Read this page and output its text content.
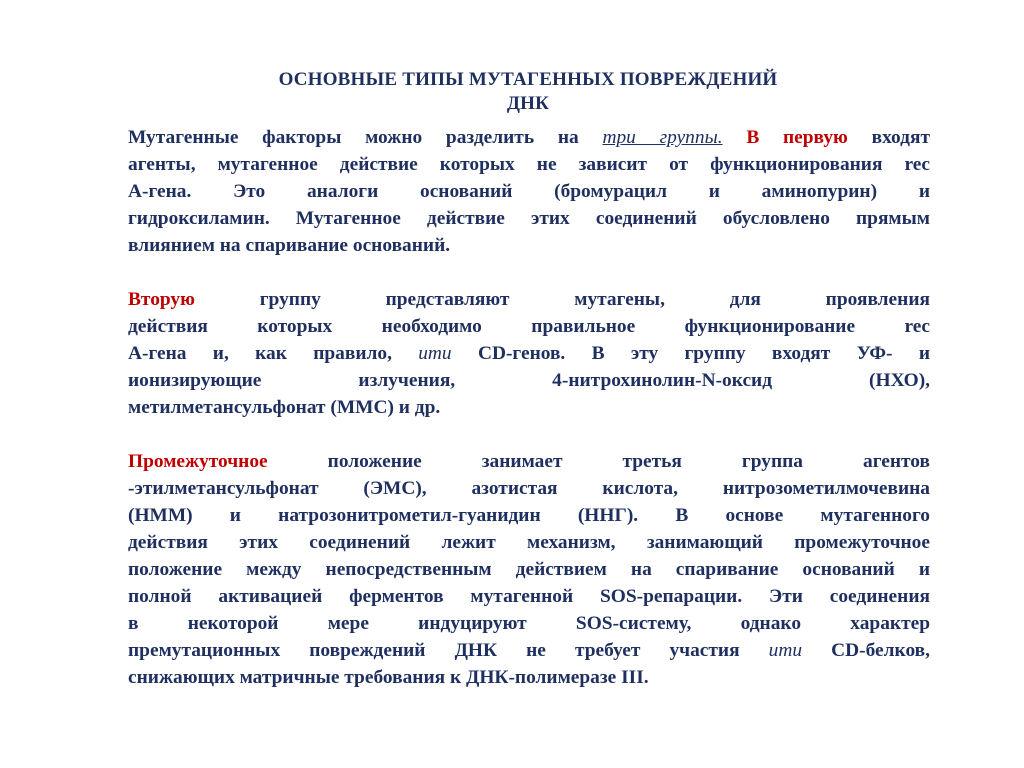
ОСНОВНЫЕ ТИПЫ МУТАГЕННЫХ ПОВРЕЖДЕНИЙ
ДНК
Мутагенные факторы можно разделить на три группы. В первую входят
агенты, мутагенное действие которых не зависит от функционирования rec
A-гена. Это аналоги оснований (бромурацил и аминопурин) и
гидроксиламин. Мутагенное действие этих соединений обусловлено прямым
влиянием на спаривание оснований.
Вторую группу представляют мутагены, для проявления
действия которых необходимо правильное функционирование rec
A-гена и, как правило, umu CD-генов. В эту группу входят УФ- и
ионизирующие излучения, 4-нитрохинолин-N-оксид (НХО),
метилметансульфонат (ММС) и др.
Промежуточное положение занимает третья группа агентов
-этилметансульфонат (ЭМС), азотистая кислота, нитрозометилмочевина
(НММ) и натрозонитрометил-гуанидин (ННГ). В основе мутагенного
действия этих соединений лежит механизм, занимающий промежуточное
положение между непосредственным действием на спаривание оснований и
полной активацией ферментов мутагенной SOS-репарации. Эти соединения
в некоторой мере индуцируют SOS-систему, однако характер
премутационных повреждений ДНК не требует участия umu CD-белков,
снижающих матричные требования к ДНК-полимеразе III.
